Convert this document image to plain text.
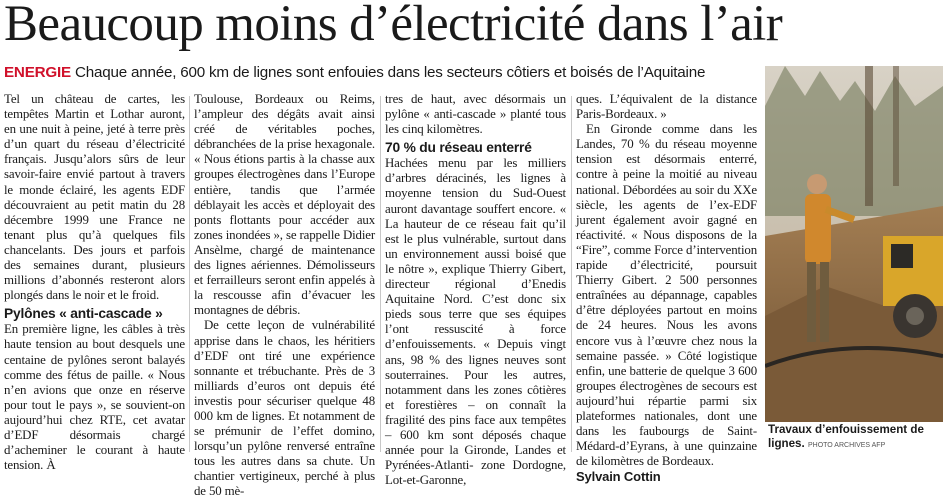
Beaucoup moins d’électricité dans l’air
ENERGIE Chaque année, 600 km de lignes sont enfouies dans les secteurs côtiers et boisés de l’Aquitaine

Tel un château de cartes, les tempêtes Martin et Lothar auront, en une nuit à peine, jeté à terre près d’un quart du réseau d’électricité français. Jusqu’alors sûrs de leur savoir-faire envié partout à travers le monde éclairé, les agents EDF découvraient au petit matin du 28 décembre 1999 une France ne tenant plus qu’à quelques fils chancelants. Des jours et parfois des semaines durant, plusieurs millions d’abonnés resteront alors plongés dans le noir et le froid.

Pylônes « anti-cascade »

En première ligne, les câbles à très haute tension au bout desquels une centaine de pylônes seront balayés comme des fétus de paille. « Nous n’en avions que onze en réserve pour tout le pays », se souvient-on aujourd’hui chez RTE, cet avatar d’EDF désormais chargé d’acheminer le courant à haute tension. À

Toulouse, Bordeaux ou Reims, l’ampleur des dégâts avait ainsi créé de véritables poches, débranchées de la prise hexagonale. « Nous étions partis à la chasse aux groupes électrogènes dans l’Europe entière, tandis que l’armée déblayait les accès et déployait des ponts flottants pour accéder aux zones inondées », se rappelle Didier Ansèlme, chargé de maintenance des lignes aériennes. Démolisseurs et ferrailleurs seront enfin appelés à la rescousse afin d’évacuer les montagnes de débris.

De cette leçon de vulnérabilité apprise dans le chaos, les héritiers d’EDF ont tiré une expérience sonnante et trébuchante. Près de 3 milliards d’euros ont depuis été investis pour sécuriser quelque 48 000 km de lignes. Et notamment de se prémunir de l’effet domino, lorsqu’un pylône renversé entraîne tous les autres dans sa chute. Un chantier vertigineux, perché à plus de 50 mè-

tres de haut, avec désormais un pylône « anti-cascade » planté tous les cinq kilomètres.

70 % du réseau enterré

Hachées menu par les milliers d’arbres déracinés, les lignes à moyenne tension du Sud-Ouest auront davantage souffert encore. « La hauteur de ce réseau fait qu’il est le plus vulnérable, surtout dans un environnement aussi boisé que le nôtre », explique Thierry Gibert, directeur régional d’Enedis Aquitaine Nord. C’est donc six pieds sous terre que ses équipes l’ont ressuscité à force d’enfouissements. « Depuis vingt ans, 98 % des lignes neuves sont souterraines. Pour les autres, notamment dans les zones côtières et forestières – on connaît la fragilité des pins face aux tempêtes – 600 km sont déposés chaque année pour la Gironde, Landes et Pyrénées-Atlanti- zone Dordogne, Lot-et-Garonne,

ques. L’équivalent de la distance Paris-Bordeaux. »

En Gironde comme dans les Landes, 70 % du réseau moyenne tension est désormais enterré, contre à peine la moitié au niveau national. Débordées au soir du XXe siècle, les agents de l’ex-EDF jurent également avoir gagné en réactivité. « Nous disposons de la “Fire”, comme Force d’intervention rapide d’électricité, poursuit Thierry Gibert. 2 500 personnes entraînées au dépannage, capables d’être déployées partout en moins de 24 heures. Nous les avons encore vus à l’œuvre chez nous la semaine passée. » Côté logistique enfin, une batterie de quelque 3 600 groupes électrogènes de secours est aujourd’hui répartie parmi six plateformes nationales, dont une dans les faubourgs de Saint-Médard-d’Eyrans, à une quinzaine de kilomètres de Bordeaux.

Sylvain Cottin

Travaux d’enfouissement de lignes. PHOTO ARCHIVES AFP
